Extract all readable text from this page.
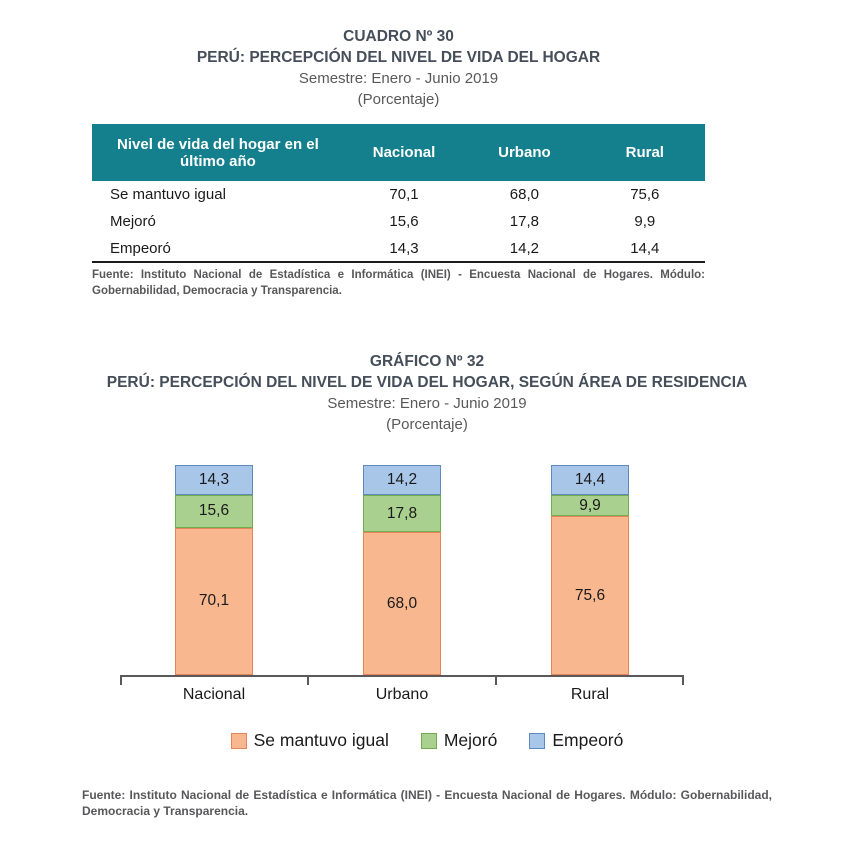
CUADRO Nº 30
PERÚ: PERCEPCIÓN DEL NIVEL DE VIDA DEL HOGAR
Semestre: Enero - Junio 2019
(Porcentaje)
Nivel de vida del hogar en el último año	Nacional	Urbano	Rural
Se mantuvo igual	70,1	68,0	75,6
Mejoró	15,6	17,8	9,9
Empeoró	14,3	14,2	14,4
Fuente: Instituto Nacional de Estadística e Informática (INEI) - Encuesta Nacional de Hogares. Módulo: Gobernabilidad, Democracia y Transparencia.
GRÁFICO Nº 32
PERÚ: PERCEPCIÓN DEL NIVEL DE VIDA DEL HOGAR, SEGÚN ÁREA DE RESIDENCIA
Semestre: Enero - Junio 2019
(Porcentaje)
14,3
15,6
70,1
14,2
17,8
68,0
14,4
9,9
75,6
Nacional	Urbano	Rural
Se mantuvo igual	Mejoró	Empeoró
Fuente: Instituto Nacional de Estadística e Informática (INEI) - Encuesta Nacional de Hogares. Módulo: Gobernabilidad, Democracia y Transparencia.
